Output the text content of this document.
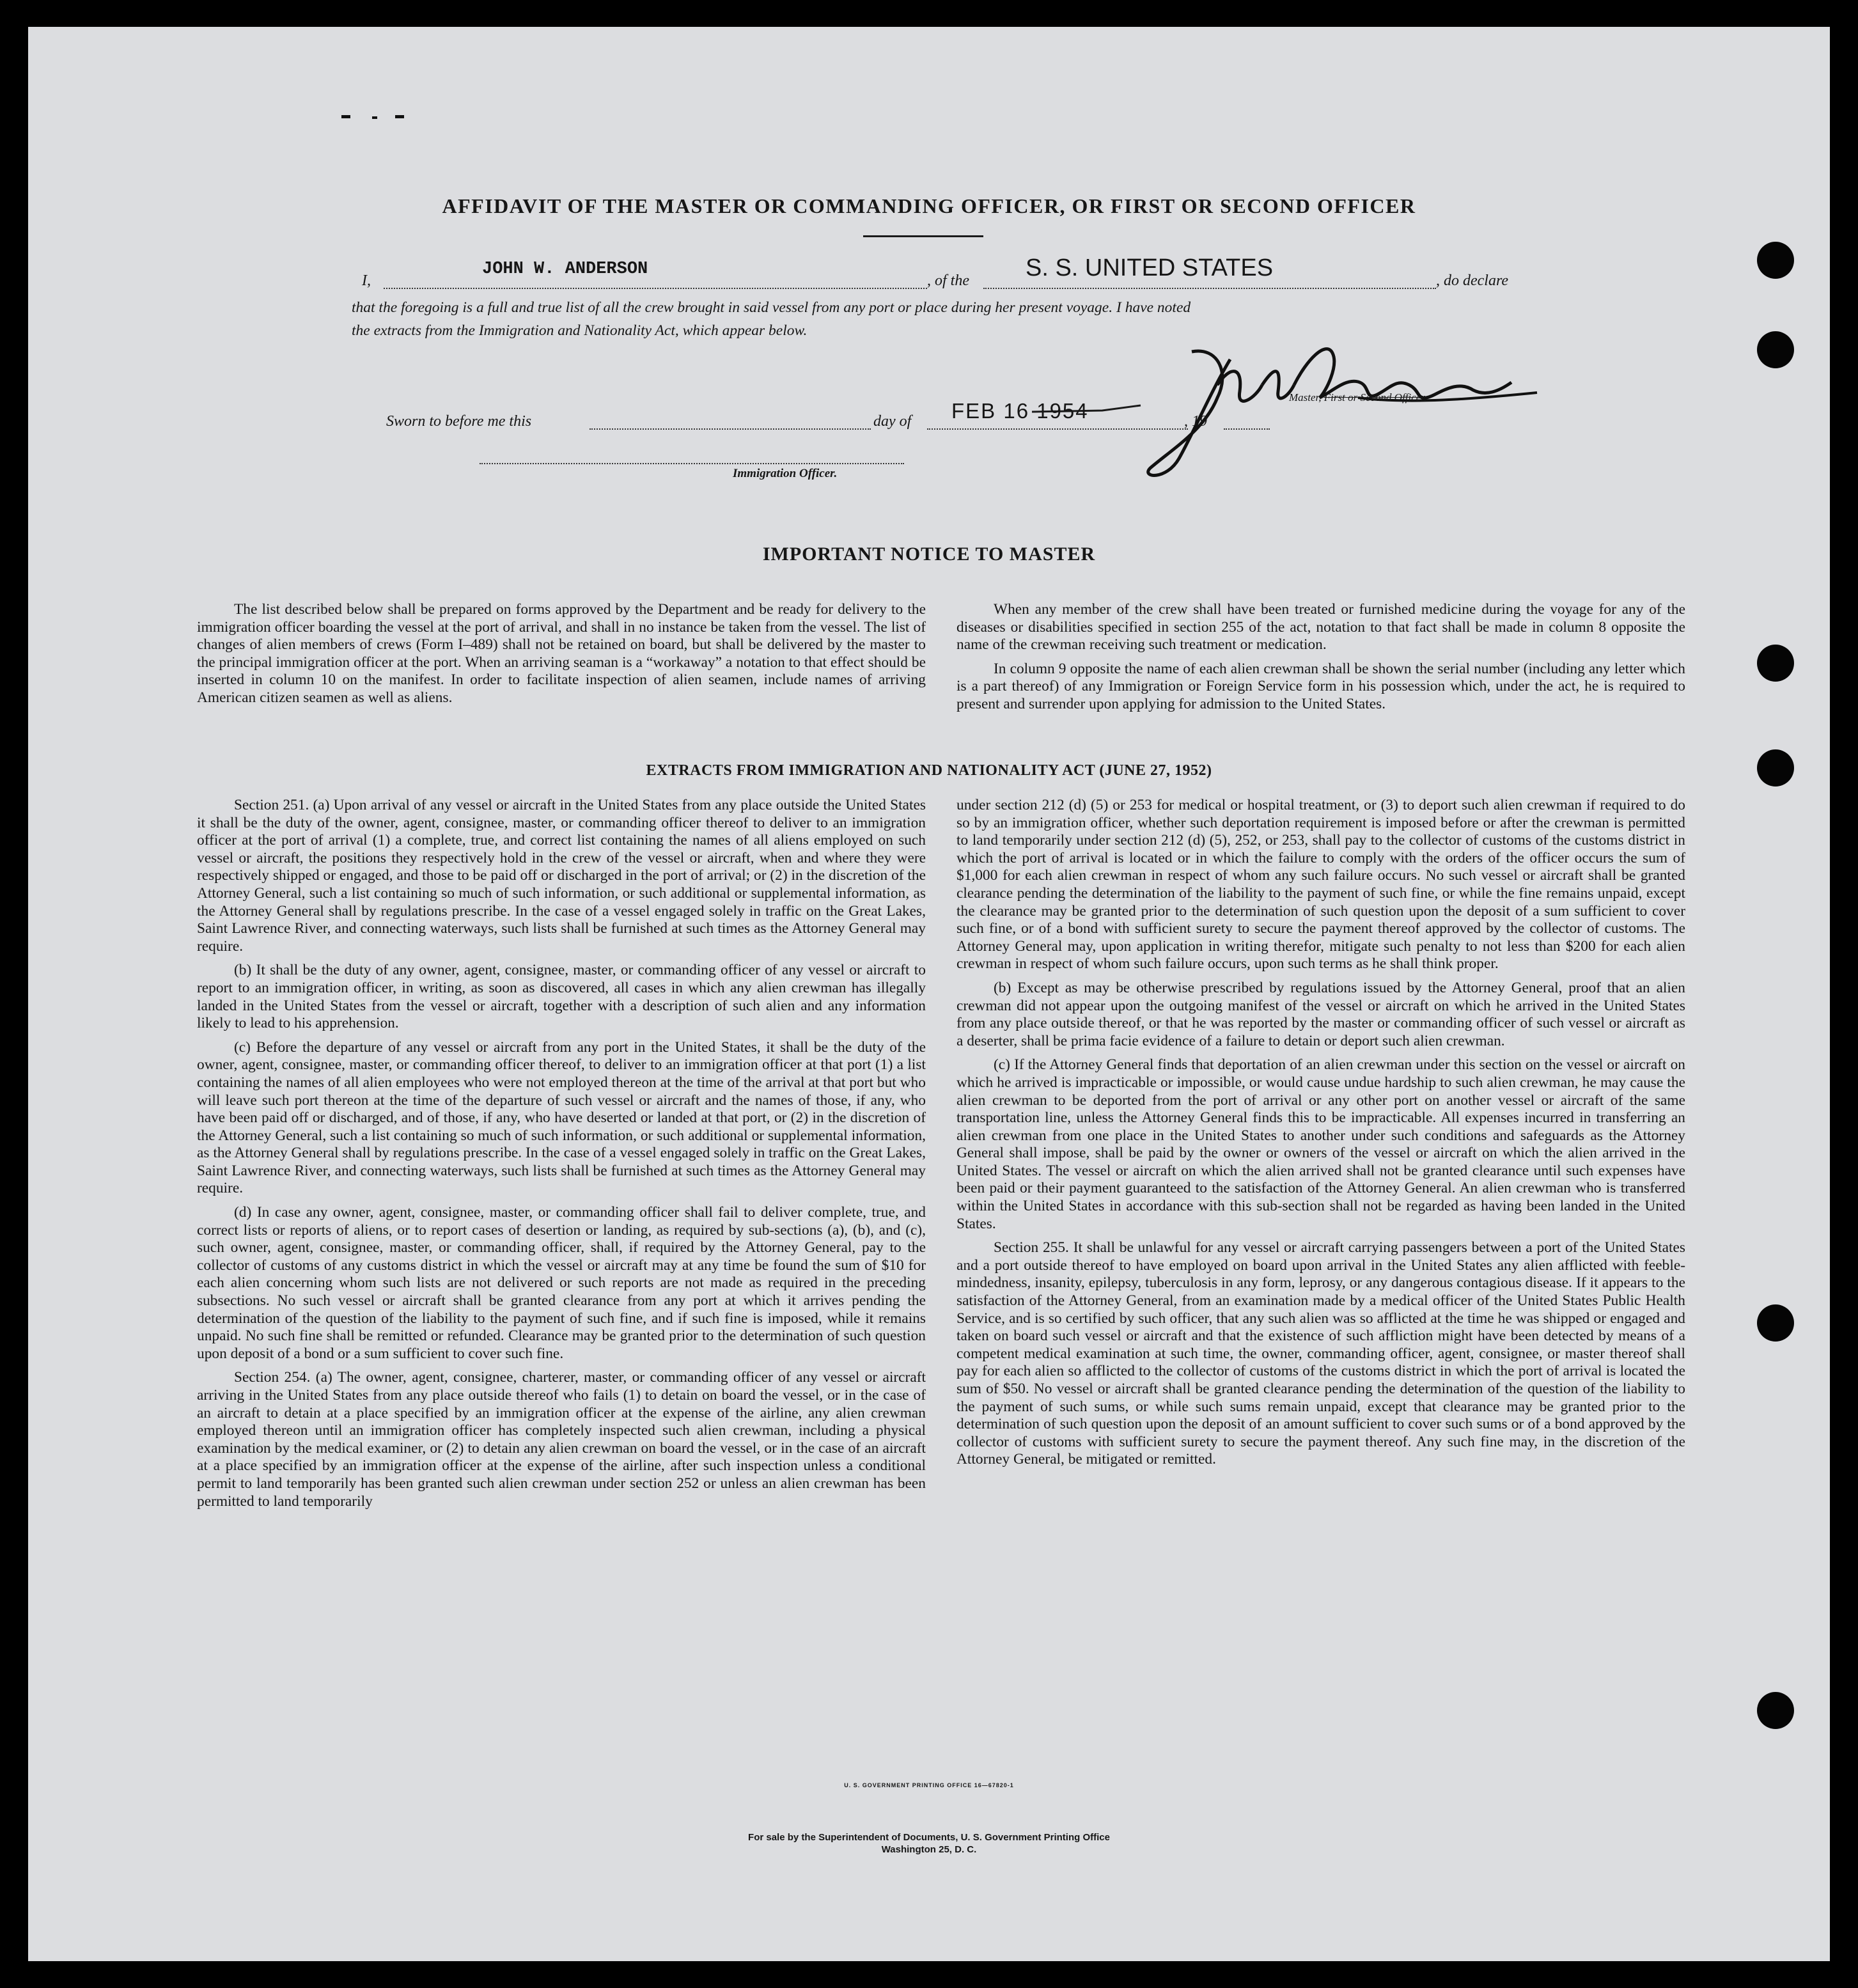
AFFIDAVIT OF THE MASTER OR COMMANDING OFFICER, OR FIRST OR SECOND OFFICER
I,
JOHN W. ANDERSON
, of the S. S. UNITED STATES	, do declare
that the foregoing is a full and true list of all the crew brought in said vessel from any port or place during her present voyage. I have noted
the extracts from the Immigration and Nationality Act, which appear below.
Master, First or Second Officer.
Sworn to before me this	day of FEB 16 1954	, 19
Immigration Officer.
IMPORTANT NOTICE TO MASTER

The list described below shall be prepared on forms approved by the Department and be ready for delivery to the immigration officer boarding the vessel at the port of arrival, and shall in no instance be taken from the vessel. The list of changes of alien members of crews (Form I–489) shall not be retained on board, but shall be delivered by the master to the principal immigration officer at the port. When an arriving seaman is a “workaway” a notation to that effect should be inserted in column 10 on the manifest. In order to facilitate inspection of alien seamen, include names of arriving American citizen seamen as well as aliens.

When any member of the crew shall have been treated or furnished medicine during the voyage for any of the diseases or disabilities specified in section 255 of the act, notation to that fact shall be made in column 8 opposite the name of the crewman receiving such treatment or medication.

In column 9 opposite the name of each alien crewman shall be shown the serial number (including any letter which is a part thereof) of any Immigration or Foreign Service form in his possession which, under the act, he is required to present and surrender upon applying for admission to the United States.

EXTRACTS FROM IMMIGRATION AND NATIONALITY ACT (JUNE 27, 1952)

Section 251. (a) Upon arrival of any vessel or aircraft in the United States from any place outside the United States it shall be the duty of the owner, agent, consignee, master, or commanding officer thereof to deliver to an immigration officer at the port of arrival (1) a complete, true, and correct list containing the names of all aliens employed on such vessel or aircraft, the positions they respectively hold in the crew of the vessel or aircraft, when and where they were respectively shipped or engaged, and those to be paid off or discharged in the port of arrival; or (2) in the discretion of the Attorney General, such a list containing so much of such information, or such additional or supplemental information, as the Attorney General shall by regulations prescribe. In the case of a vessel engaged solely in traffic on the Great Lakes, Saint Lawrence River, and connecting waterways, such lists shall be furnished at such times as the Attorney General may require.

(b) It shall be the duty of any owner, agent, consignee, master, or commanding officer of any vessel or aircraft to report to an immigration officer, in writing, as soon as discovered, all cases in which any alien crewman has illegally landed in the United States from the vessel or aircraft, together with a description of such alien and any information likely to lead to his apprehension.

(c) Before the departure of any vessel or aircraft from any port in the United States, it shall be the duty of the owner, agent, consignee, master, or commanding officer thereof, to deliver to an immigration officer at that port (1) a list containing the names of all alien employees who were not employed thereon at the time of the arrival at that port but who will leave such port thereon at the time of the departure of such vessel or aircraft and the names of those, if any, who have been paid off or discharged, and of those, if any, who have deserted or landed at that port, or (2) in the discretion of the Attorney General, such a list containing so much of such information, or such additional or supplemental information, as the Attorney General shall by regulations prescribe. In the case of a vessel engaged solely in traffic on the Great Lakes, Saint Lawrence River, and connecting waterways, such lists shall be furnished at such times as the Attorney General may require.

(d) In case any owner, agent, consignee, master, or commanding officer shall fail to deliver complete, true, and correct lists or reports of aliens, or to report cases of desertion or landing, as required by sub-sections (a), (b), and (c), such owner, agent, consignee, master, or commanding officer, shall, if required by the Attorney General, pay to the collector of customs of any customs district in which the vessel or aircraft may at any time be found the sum of $10 for each alien concerning whom such lists are not delivered or such reports are not made as required in the preceding subsections. No such vessel or aircraft shall be granted clearance from any port at which it arrives pending the determination of the question of the liability to the payment of such fine, and if such fine is imposed, while it remains unpaid. No such fine shall be remitted or refunded. Clearance may be granted prior to the determination of such question upon deposit of a bond or a sum sufficient to cover such fine.

Section 254. (a) The owner, agent, consignee, charterer, master, or commanding officer of any vessel or aircraft arriving in the United States from any place outside thereof who fails (1) to detain on board the vessel, or in the case of an aircraft to detain at a place specified by an immigration officer at the expense of the airline, any alien crewman employed thereon until an immigration officer has completely inspected such alien crewman, including a physical examination by the medical examiner, or (2) to detain any alien crewman on board the vessel, or in the case of an aircraft at a place specified by an immigration officer at the expense of the airline, after such inspection unless a conditional permit to land temporarily has been granted such alien crewman under section 252 or unless an alien crewman has been permitted to land temporarily

under section 212 (d) (5) or 253 for medical or hospital treatment, or (3) to deport such alien crewman if required to do so by an immigration officer, whether such deportation requirement is imposed before or after the crewman is permitted to land temporarily under section 212 (d) (5), 252, or 253, shall pay to the collector of customs of the customs district in which the port of arrival is located or in which the failure to comply with the orders of the officer occurs the sum of $1,000 for each alien crewman in respect of whom any such failure occurs. No such vessel or aircraft shall be granted clearance pending the determination of the liability to the payment of such fine, or while the fine remains unpaid, except the clearance may be granted prior to the determination of such question upon the deposit of a sum sufficient to cover such fine, or of a bond with sufficient surety to secure the payment thereof approved by the collector of customs. The Attorney General may, upon application in writing therefor, mitigate such penalty to not less than $200 for each alien crewman in respect of whom such failure occurs, upon such terms as he shall think proper.

(b) Except as may be otherwise prescribed by regulations issued by the Attorney General, proof that an alien crewman did not appear upon the outgoing manifest of the vessel or aircraft on which he arrived in the United States from any place outside thereof, or that he was reported by the master or commanding officer of such vessel or aircraft as a deserter, shall be prima facie evidence of a failure to detain or deport such alien crewman.

(c) If the Attorney General finds that deportation of an alien crewman under this section on the vessel or aircraft on which he arrived is impracticable or impossible, or would cause undue hardship to such alien crewman, he may cause the alien crewman to be deported from the port of arrival or any other port on another vessel or aircraft of the same transportation line, unless the Attorney General finds this to be impracticable. All expenses incurred in transferring an alien crewman from one place in the United States to another under such conditions and safeguards as the Attorney General shall impose, shall be paid by the owner or owners of the vessel or aircraft on which the alien arrived in the United States. The vessel or aircraft on which the alien arrived shall not be granted clearance until such expenses have been paid or their payment guaranteed to the satisfaction of the Attorney General. An alien crewman who is transferred within the United States in accordance with this sub-section shall not be regarded as having been landed in the United States.

Section 255. It shall be unlawful for any vessel or aircraft carrying passengers between a port of the United States and a port outside thereof to have employed on board upon arrival in the United States any alien afflicted with feeble-mindedness, insanity, epilepsy, tuberculosis in any form, leprosy, or any dangerous contagious disease. If it appears to the satisfaction of the Attorney General, from an examination made by a medical officer of the United States Public Health Service, and is so certified by such officer, that any such alien was so afflicted at the time he was shipped or engaged and taken on board such vessel or aircraft and that the existence of such affliction might have been detected by means of a competent medical examination at such time, the owner, commanding officer, agent, consignee, or master thereof shall pay for each alien so afflicted to the collector of customs of the customs district in which the port of arrival is located the sum of $50. No vessel or aircraft shall be granted clearance pending the determination of the question of the liability to the payment of such sums, or while such sums remain unpaid, except that clearance may be granted prior to the determination of such question upon the deposit of an amount sufficient to cover such sums or of a bond approved by the collector of customs with sufficient surety to secure the payment thereof. Any such fine may, in the discretion of the Attorney General, be mitigated or remitted.

U. S. GOVERNMENT PRINTING OFFICE 16—67820-1
For sale by the Superintendent of Documents, U. S. Government Printing Office
Washington 25, D. C.
